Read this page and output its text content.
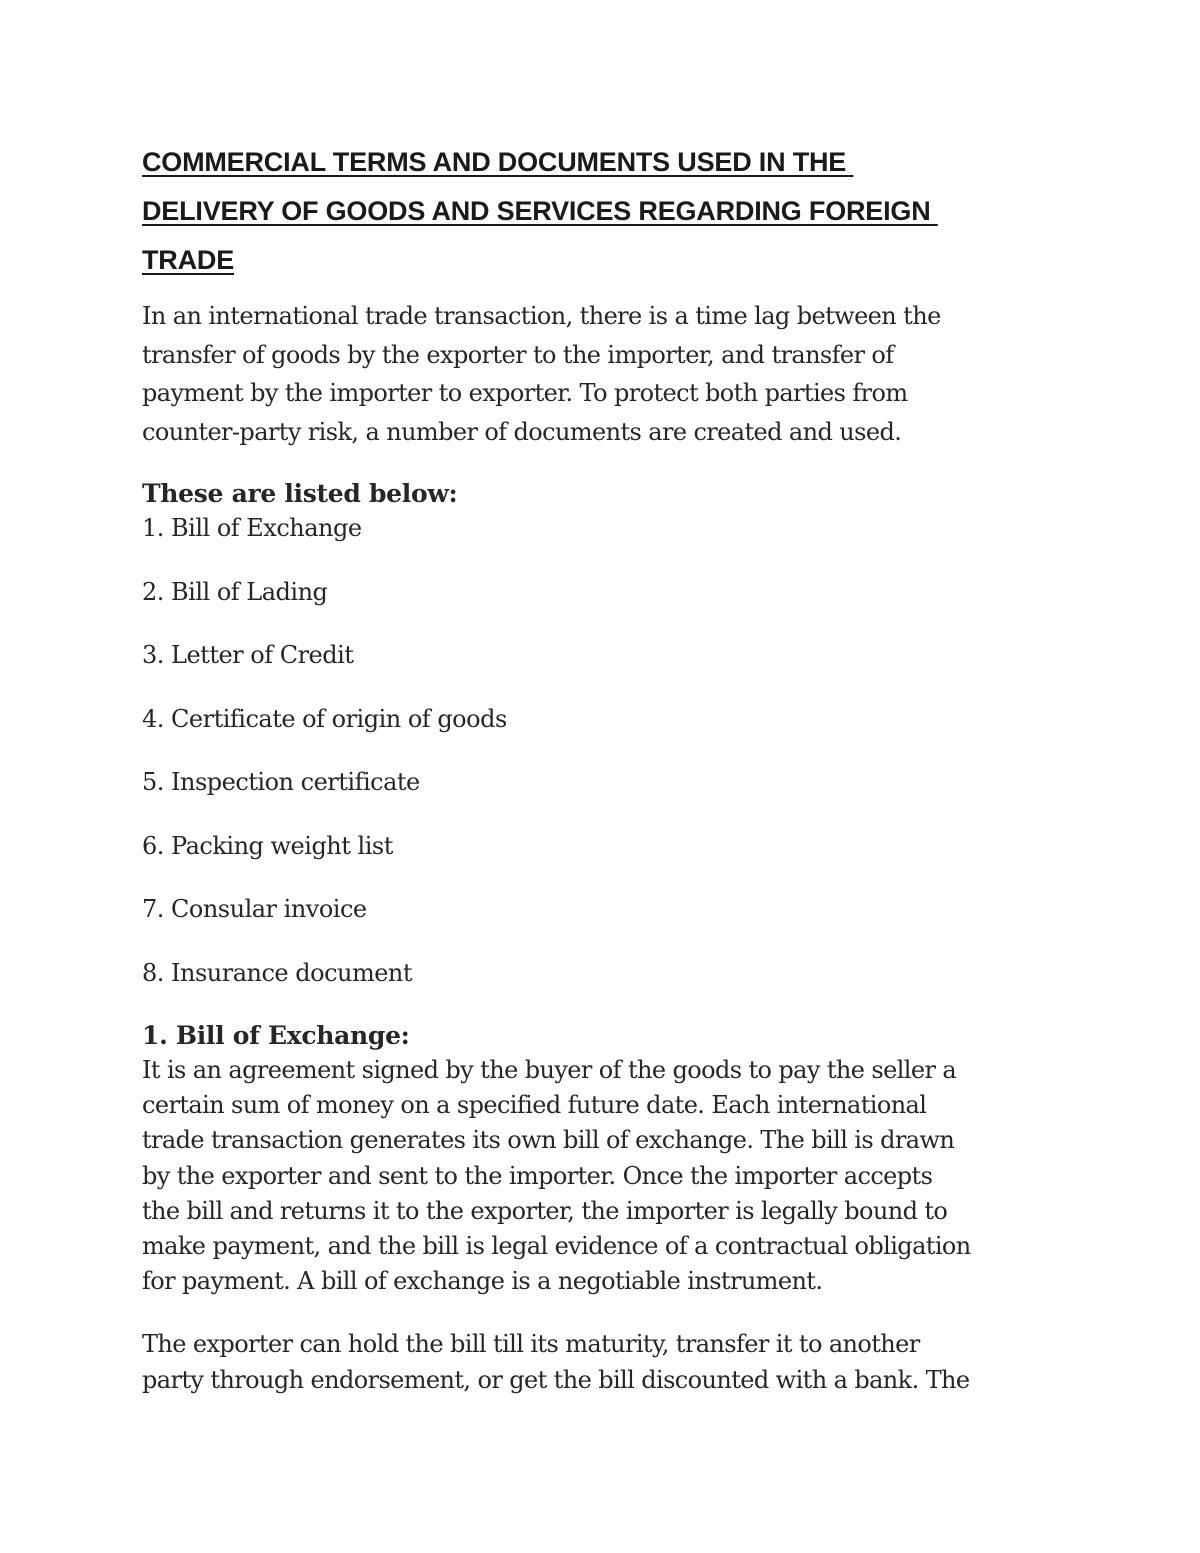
COMMERCIAL TERMS AND DOCUMENTS USED IN THE
DELIVERY OF GOODS AND SERVICES REGARDING FOREIGN
TRADE

In an international trade transaction, there is a time lag between the
transfer of goods by the exporter to the importer, and transfer of
payment by the importer to exporter. To protect both parties from
counter-party risk, a number of documents are created and used.

These are listed below:
1. Bill of Exchange
2. Bill of Lading
3. Letter of Credit
4. Certificate of origin of goods
5. Inspection certificate
6. Packing weight list
7. Consular invoice
8. Insurance document
1. Bill of Exchange:

It is an agreement signed by the buyer of the goods to pay the seller a
certain sum of money on a specified future date. Each international
trade transaction generates its own bill of exchange. The bill is drawn
by the exporter and sent to the importer. Once the importer accepts
the bill and returns it to the exporter, the importer is legally bound to
make payment, and the bill is legal evidence of a contractual obligation
for payment. A bill of exchange is a negotiable instrument.

The exporter can hold the bill till its maturity, transfer it to another
party through endorsement, or get the bill discounted with a bank. The
